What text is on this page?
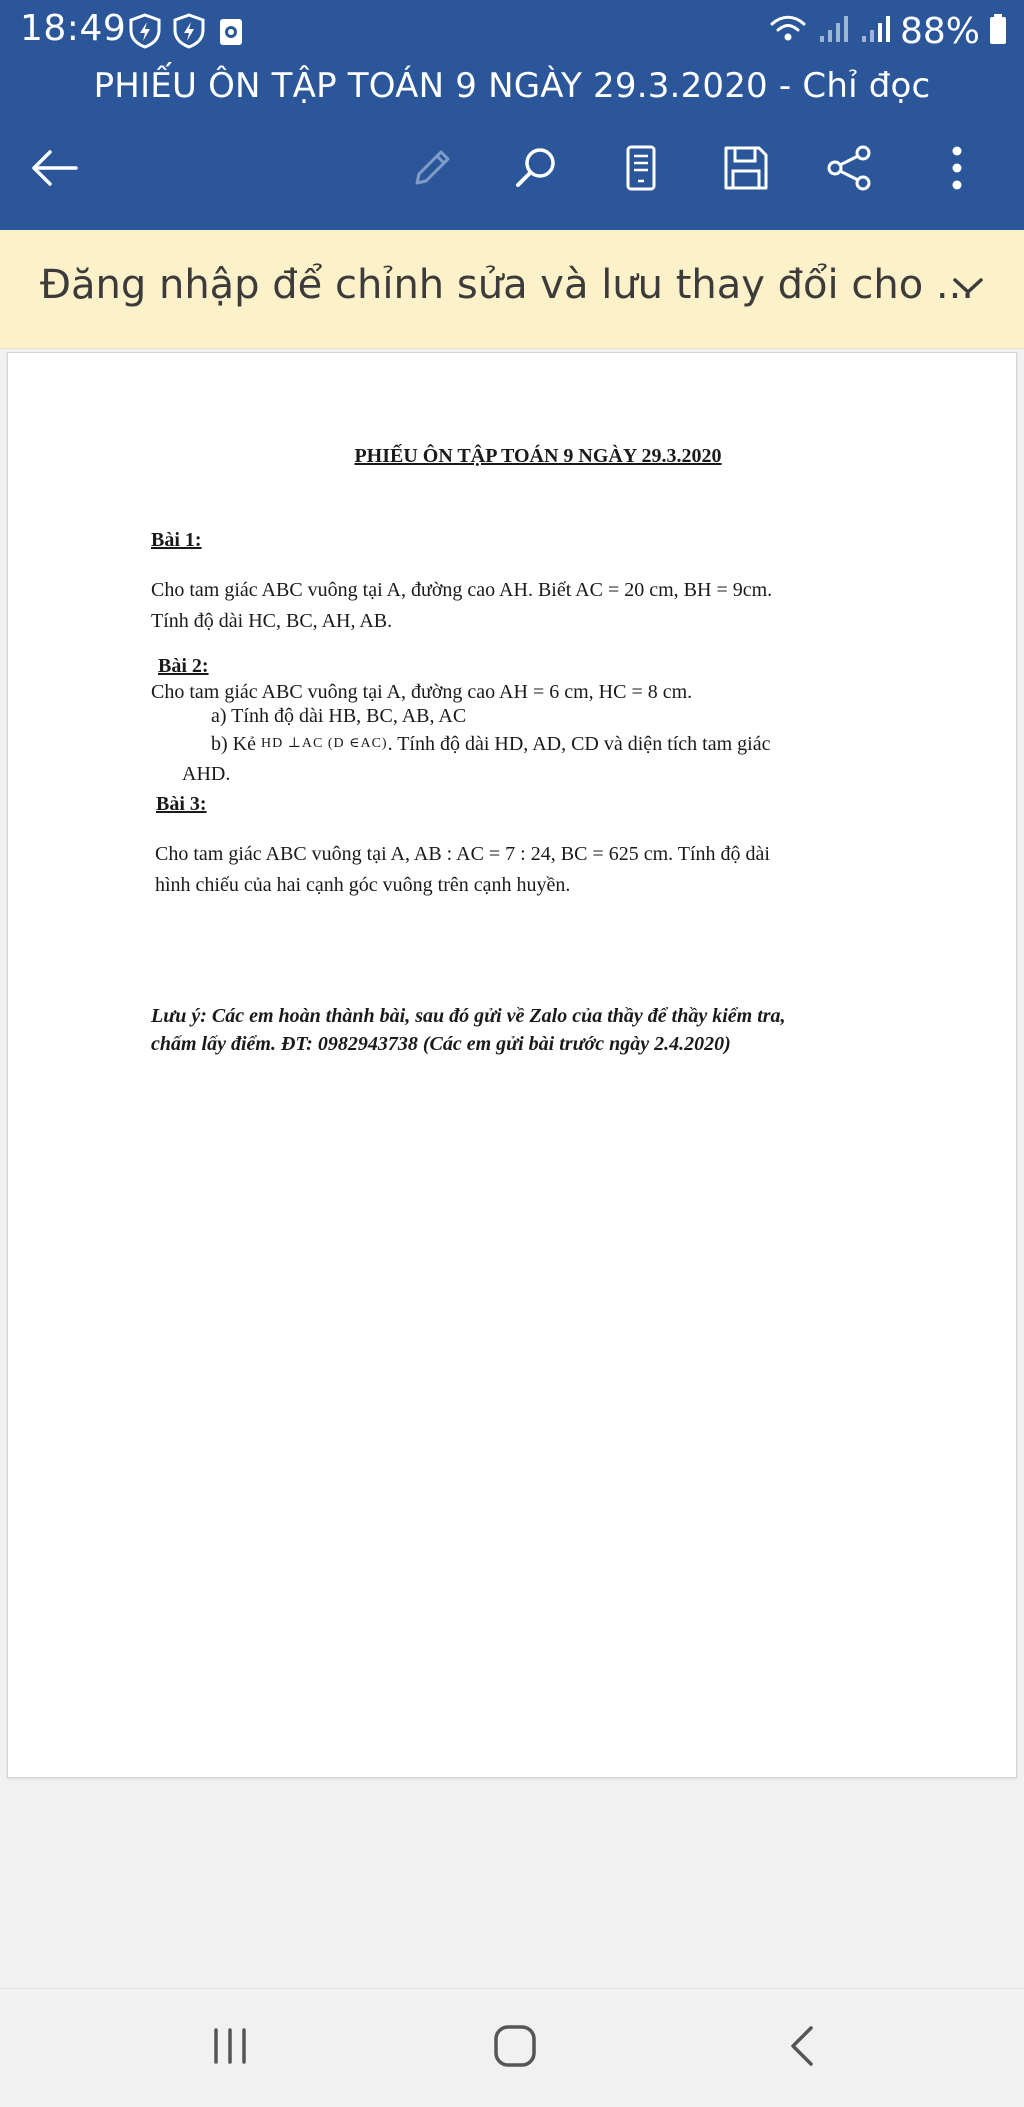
18:49	88%
PHIẾU ÔN TẬP TOÁN 9 NGÀY 29.3.2020 - Chỉ đọc
Đăng nhập để chỉnh sửa và lưu thay đổi cho ...
PHIẾU ÔN TẬP TOÁN 9 NGÀY 29.3.2020
Bài 1:
Cho tam giác ABC vuông tại A, đường cao AH. Biết AC = 20 cm, BH = 9cm.
Tính độ dài HC, BC, AH, AB.
Bài 2:
Cho tam giác ABC vuông tại A, đường cao AH = 6 cm, HC = 8 cm.
a) Tính độ dài HB, BC, AB, AC
b) Kẻ HD ⊥AC (D ∈AC). Tính độ dài HD, AD, CD và diện tích tam giác
AHD.
Bài 3:
Cho tam giác ABC vuông tại A, AB : AC = 7 : 24, BC = 625 cm. Tính độ dài
hình chiếu của hai cạnh góc vuông trên cạnh huyền.
Lưu ý: Các em hoàn thành bài, sau đó gửi về Zalo của thầy để thầy kiểm tra,
chấm lấy điểm. ĐT: 0982943738 (Các em gửi bài trước ngày 2.4.2020)
